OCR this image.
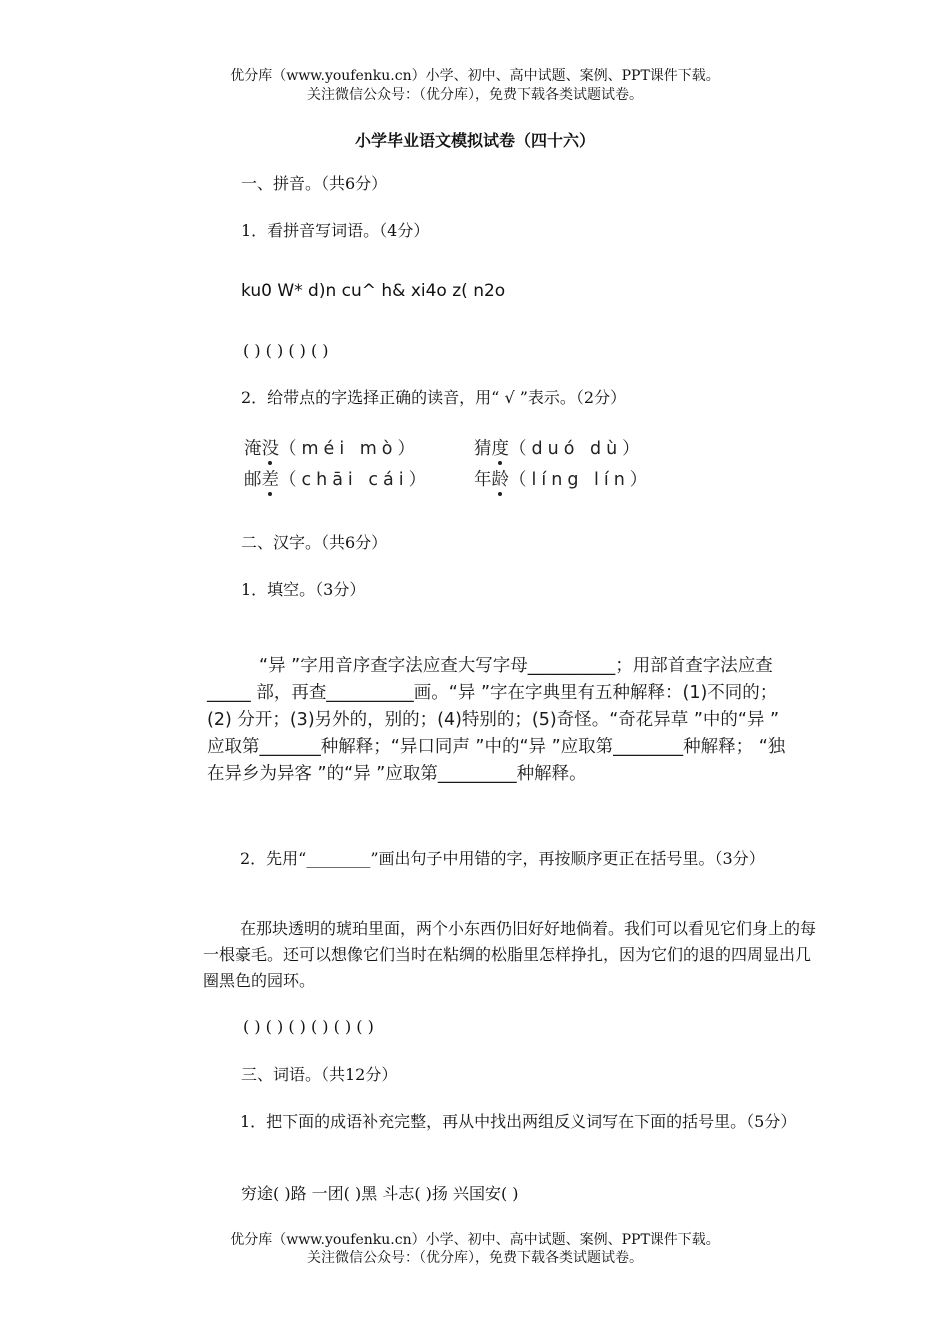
优分库（www.youfenku.cn）小学、初中、高中试题、案例、PPT课件下载。
关注微信公众号：（优分库），免费下载各类试题试卷。
小学毕业语文模拟试卷（四十六）
一、拼音。（共6分）
1．看拼音写词语。（4分）
ku0 W* d)n cu^ h& xi4o z( n2o
( ) ( ) ( ) ( )
2．给带点的字选择正确的读音，用“ √ ”表示。（2分）
淹没（méi mò）	猜度（duó dù）
邮差（chāi cái） 年龄（líng lín）
二、汉字。（共6分）
1．填空。（3分）
“异 ”字用音序查字法应查大写字母__________；用部首查字法应查_____ 部，再查__________画。“异 ”字在字典里有五种解释：(1)不同的；(2) 分开；(3)另外的，别的；(4)特别的；(5)奇怪。“奇花异草 ”中的“异 ” 应取第_______种解释；“异口同声 ”中的“异 ”应取第________种解释； “独在异乡为异客 ”的“异 ”应取第_________种解释。
2．先用“________”画出句子中用错的字，再按顺序更正在括号里。（3分）
在那块透明的琥珀里面，两个小东西仍旧好好地倘着。我们可以看见它们身上的每一根豪毛。还可以想像它们当时在粘绸的松脂里怎样挣扎，因为它们的退的四周显出几圈黑色的园环。
( ) ( ) ( ) ( ) ( ) ( )
三、词语。（共12分）
1．把下面的成语补充完整，再从中找出两组反义词写在下面的括号里。（5分）
穷途( )路 一团( )黑 斗志( )扬 兴国安( )
优分库（www.youfenku.cn）小学、初中、高中试题、案例、PPT课件下载。
关注微信公众号：（优分库），免费下载各类试题试卷。
